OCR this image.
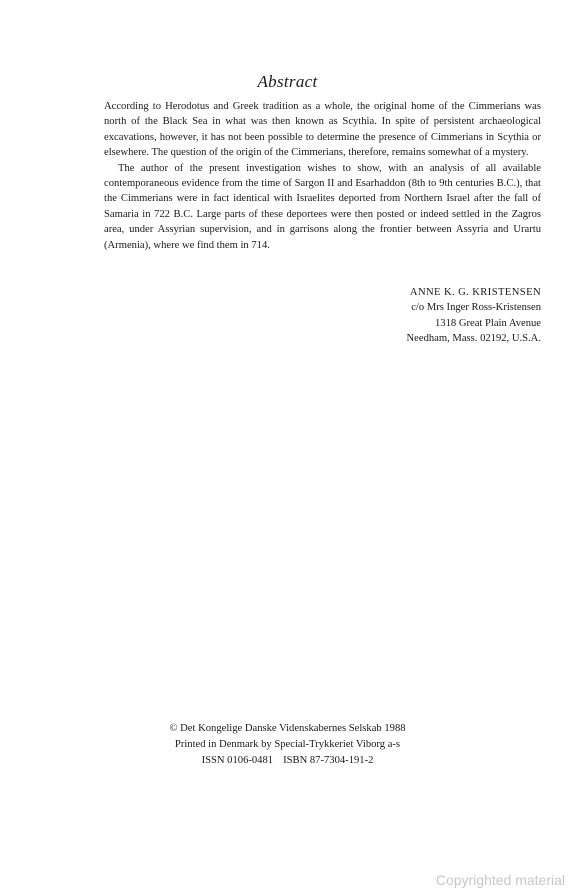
Abstract

According to Herodotus and Greek tradition as a whole, the original home of the Cimmerians was north of the Black Sea in what was then known as Scythia. In spite of persistent archaeological excavations, however, it has not been possible to determine the presence of Cimmerians in Scythia or elsewhere. The question of the origin of the Cimmerians, therefore, remains somewhat of a mystery.

The author of the present investigation wishes to show, with an analysis of all available contemporaneous evidence from the time of Sargon II and Esarhaddon (8th to 9th centuries B.C.), that the Cimmerians were in fact identical with Israelites deported from Northern Israel after the fall of Samaria in 722 B.C. Large parts of these deportees were then posted or indeed settled in the Zagros area, under Assyrian supervision, and in garrisons along the frontier between Assyria and Urartu (Armenia), where we find them in 714.

ANNE K. G. KRISTENSEN
c/o Mrs Inger Ross-Kristensen
1318 Great Plain Avenue
Needham, Mass. 02192, U.S.A.
© Det Kongelige Danske Videnskabernes Selskab 1988
Printed in Denmark by Special-Trykkeriet Viborg a-s
ISSN 0106-0481 ISBN 87-7304-191-2
Copyrighted material
